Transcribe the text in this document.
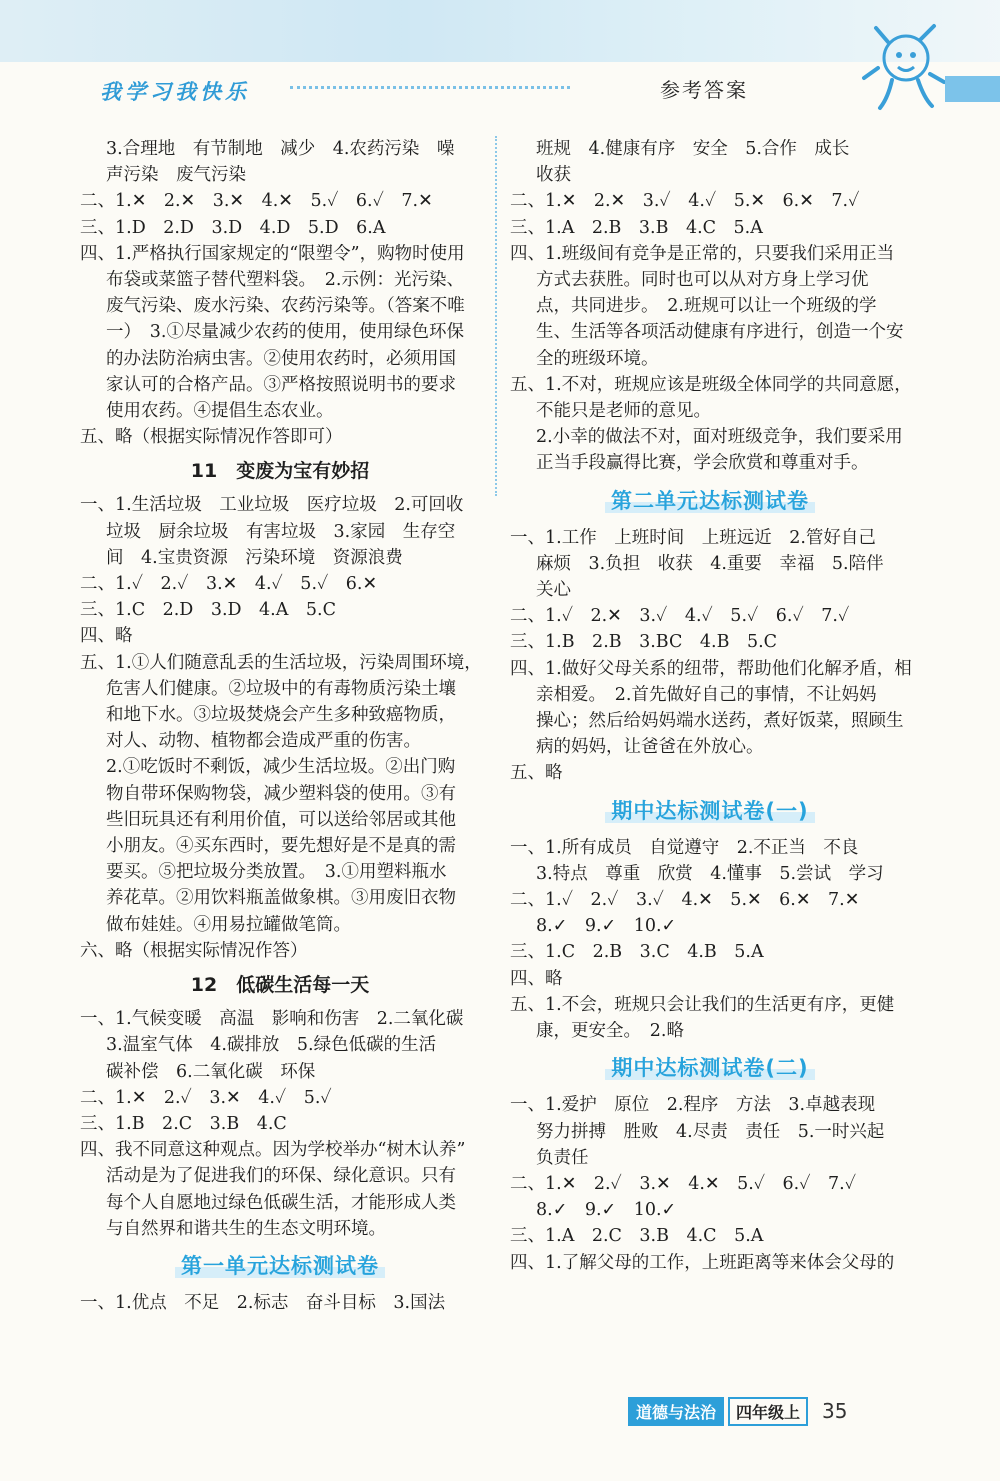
我学习我快乐	参考答案

3.合理地　有节制地　减少　4.农药污染　噪

声污染　废气污染

二、1.✕　2.✕　3.✕　4.✕　5.✓　6.✓　7.✕

三、1.D　2.D　3.D　4.D　5.D　6.A

四、1.严格执行国家规定的“限塑令”，购物时使用

布袋或菜篮子替代塑料袋。　2.示例：光污染、

废气污染、废水污染、农药污染等。（答案不唯

一）　3.①尽量减少农药的使用，使用绿色环保

的办法防治病虫害。②使用农药时，必须用国

家认可的合格产品。③严格按照说明书的要求

使用农药。④提倡生态农业。

五、略（根据实际情况作答即可）

11　变废为宝有妙招

一、1.生活垃圾　工业垃圾　医疗垃圾　2.可回收

垃圾　厨余垃圾　有害垃圾　3.家园　生存空

间　4.宝贵资源　污染环境　资源浪费

二、1.✓　2.✓　3.✕　4.✓　5.✓　6.✕

三、1.C　2.D　3.D　4.A　5.C

四、略

五、1.①人们随意乱丢的生活垃圾，污染周围环境，

危害人们健康。②垃圾中的有毒物质污染土壤

和地下水。③垃圾焚烧会产生多种致癌物质，

对人、动物、植物都会造成严重的伤害。

2.①吃饭时不剩饭，减少生活垃圾。②出门购

物自带环保购物袋，减少塑料袋的使用。③有

些旧玩具还有利用价值，可以送给邻居或其他

小朋友。④买东西时，要先想好是不是真的需

要买。⑤把垃圾分类放置。　3.①用塑料瓶水

养花草。②用饮料瓶盖做象棋。③用废旧衣物

做布娃娃。④用易拉罐做笔筒。

六、略（根据实际情况作答）

12　低碳生活每一天

一、1.气候变暖　高温　影响和伤害　2.二氧化碳

3.温室气体　4.碳排放　5.绿色低碳的生活

碳补偿　6.二氧化碳　环保

二、1.✕　2.✓　3.✕　4.✓　5.✓

三、1.B　2.C　3.B　4.C

四、我不同意这种观点。因为学校举办“树木认养”

活动是为了促进我们的环保、绿化意识。只有

每个人自愿地过绿色低碳生活，才能形成人类

与自然界和谐共生的生态文明环境。

第一单元达标测试卷

一、1.优点　不足　2.标志　奋斗目标　3.国法

班规　4.健康有序　安全　5.合作　成长

收获

二、1.✕　2.✕　3.✓　4.✓　5.✕　6.✕　7.✓

三、1.A　2.B　3.B　4.C　5.A

四、1.班级间有竞争是正常的，只要我们采用正当

方式去获胜。同时也可以从对方身上学习优

点，共同进步。　2.班规可以让一个班级的学

生、生活等各项活动健康有序进行，创造一个安

全的班级环境。

五、1.不对，班规应该是班级全体同学的共同意愿，

不能只是老师的意见。

2.小幸的做法不对，面对班级竞争，我们要采用

正当手段赢得比赛，学会欣赏和尊重对手。

第二单元达标测试卷

一、1.工作　上班时间　上班远近　2.管好自己

麻烦　3.负担　收获　4.重要　幸福　5.陪伴

关心

二、1.✓　2.✕　3.✓　4.✓　5.✓　6.✓　7.✓

三、1.B　2.B　3.BC　4.B　5.C

四、1.做好父母关系的纽带，帮助他们化解矛盾，相

亲相爱。　2.首先做好自己的事情，不让妈妈

操心；然后给妈妈端水送药，煮好饭菜，照顾生

病的妈妈，让爸爸在外放心。

五、略

期中达标测试卷(一)

一、1.所有成员　自觉遵守　2.不正当　不良

3.特点　尊重　欣赏　4.懂事　5.尝试　学习

二、1.✓　2.✓　3.✓　4.✕　5.✕　6.✕　7.✕

8.✓　9.✓　10.✓

三、1.C　2.B　3.C　4.B　5.A

四、略

五、1.不会，班规只会让我们的生活更有序，更健

康，更安全。　2.略

期中达标测试卷(二)

一、1.爱护　原位　2.程序　方法　3.卓越表现

努力拼搏　胜败　4.尽责　责任　5.一时兴起

负责任

二、1.✕　2.✓　3.✕　4.✕　5.✓　6.✓　7.✓

8.✓　9.✓　10.✓

三、1.A　2.C　3.B　4.C　5.A

四、1.了解父母的工作，上班距离等来体会父母的

道德与法治	四年级上	35
